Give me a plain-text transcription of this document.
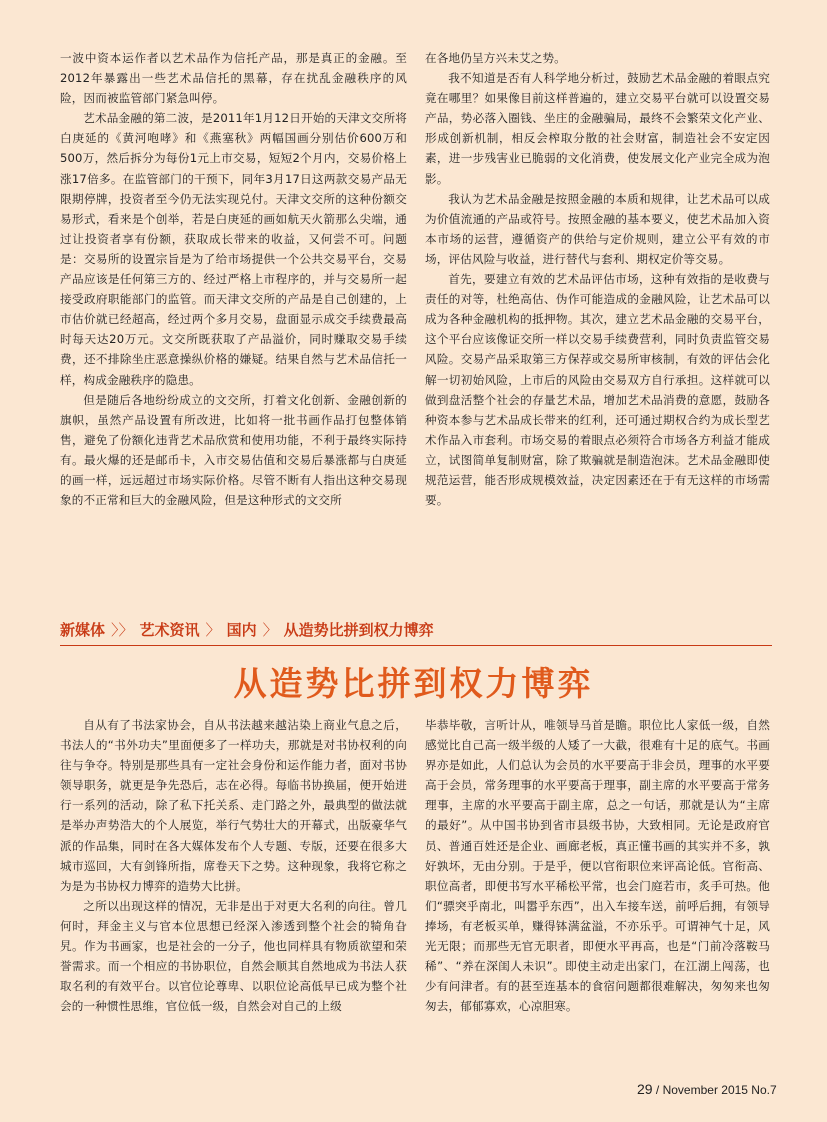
一波中资本运作者以艺术品作为信托产品，那是真正的金融。至2012年暴露出一些艺术品信托的黑幕，存在扰乱金融秩序的风险，因而被监管部门紧急叫停。

艺术品金融的第二波，是2011年1月12日开始的天津文交所将白庚延的《黄河咆哮》和《燕塞秋》两幅国画分别估价600万和500万，然后拆分为每份1元上市交易，短短2个月内，交易价格上涨17倍多。在监管部门的干预下，同年3月17日这两款交易产品无限期停牌，投资者至今仍无法实现兑付。天津文交所的这种份额交易形式，看来是个创举，若是白庚延的画如航天火箭那么尖端，通过让投资者享有份额，获取成长带来的收益，又何尝不可。问题是：交易所的设置宗旨是为了给市场提供一个公共交易平台，交易产品应该是任何第三方的、经过严格上市程序的，并与交易所一起接受政府职能部门的监管。而天津文交所的产品是自己创建的，上市估价就已经超高，经过两个多月交易，盘面显示成交手续费最高时每天达20万元。文交所既获取了产品溢价，同时赚取交易手续费，还不排除坐庄恶意操纵价格的嫌疑。结果自然与艺术品信托一样，构成金融秩序的隐患。

但是随后各地纷纷成立的文交所，打着文化创新、金融创新的旗帜，虽然产品设置有所改进，比如将一批书画作品打包整体销售，避免了份额化违背艺术品欣赏和使用功能，不利于最终实际持有。最火爆的还是邮币卡，入市交易估值和交易后暴涨都与白庚延的画一样，远远超过市场实际价格。尽管不断有人指出这种交易现象的不正常和巨大的金融风险，但是这种形式的文交所

在各地仍呈方兴未艾之势。

我不知道是否有人科学地分析过，鼓励艺术品金融的着眼点究竟在哪里？如果像目前这样普遍的，建立交易平台就可以设置交易产品，势必落入圈钱、坐庄的金融骗局，最终不会繁荣文化产业、形成创新机制，相反会榨取分散的社会财富，制造社会不安定因素，进一步残害业已脆弱的文化消费，使发展文化产业完全成为泡影。

我认为艺术品金融是按照金融的本质和规律，让艺术品可以成为价值流通的产品或符号。按照金融的基本要义，使艺术品加入资本市场的运营，遵循资产的供给与定价规则，建立公平有效的市场，评估风险与收益，进行替代与套利、期权定价等交易。

首先，要建立有效的艺术品评估市场，这种有效指的是收费与责任的对等，杜绝高估、伪作可能造成的金融风险，让艺术品可以成为各种金融机构的抵押物。其次，建立艺术品金融的交易平台，这个平台应该像证交所一样以交易手续费营利，同时负责监管交易风险。交易产品采取第三方保荐或交易所审核制，有效的评估会化解一切初始风险，上市后的风险由交易双方自行承担。这样就可以做到盘活整个社会的存量艺术品，增加艺术品消费的意愿，鼓励各种资本参与艺术品成长带来的红利，还可通过期权合约为成长型艺术作品入市套利。市场交易的着眼点必须符合市场各方利益才能成立，试图简单复制财富，除了欺骗就是制造泡沫。艺术品金融即使规范运营，能否形成规模效益，决定因素还在于有无这样的市场需要。

新媒体 〉〉 艺术资讯 〉 国内 〉 从造势比拼到权力博弈
从造势比拼到权力博弈

自从有了书法家协会，自从书法越来越沾染上商业气息之后，书法人的“书外功夫”里面便多了一样功夫，那就是对书协权利的向往与争夺。特别是那些具有一定社会身份和运作能力者，面对书协领导职务，就更是争先恐后，志在必得。每临书协换届，便开始进行一系列的活动，除了私下托关系、走门路之外，最典型的做法就是举办声势浩大的个人展览，举行气势壮大的开幕式，出版豪华气派的作品集，同时在各大媒体发布个人专题、专版，还要在很多大城市巡回，大有剑锋所指，席卷天下之势。这种现象，我将它称之为是为书协权力博弈的造势大比拼。

之所以出现这样的情况，无非是出于对更大名利的向往。曾几何时，拜金主义与官本位思想已经深入渗透到整个社会的犄角旮旯。作为书画家，也是社会的一分子，他也同样具有物质欲望和荣誉需求。而一个相应的书协职位，自然会顺其自然地成为书法人获取名利的有效平台。以官位论尊卑、以职位论高低早已成为整个社会的一种惯性思维，官位低一级，自然会对自己的上级

毕恭毕敬，言听计从，唯领导马首是瞻。职位比人家低一级，自然感觉比自己高一级半级的人矮了一大截，很难有十足的底气。书画界亦是如此，人们总认为会员的水平要高于非会员，理事的水平要高于会员，常务理事的水平要高于理事，副主席的水平要高于常务理事，主席的水平要高于副主席，总之一句话，那就是认为“主席的最好”。从中国书协到省市县级书协，大致相同。无论是政府官员、普通百姓还是企业、画廊老板，真正懂书画的其实并不多，孰好孰坏，无由分别。于是乎，便以官衔职位来评高论低。官衔高、职位高者，即便书写水平稀松平常，也会门庭若市，炙手可热。他们“骠突乎南北，叫嚣乎东西”，出入车接车送，前呼后拥，有领导捧场，有老板买单，赚得钵满盆溢，不亦乐乎。可谓神气十足，风光无限；而那些无官无职者，即便水平再高，也是“门前冷落鞍马稀”、“养在深闺人未识”。即使主动走出家门，在江湖上闯荡，也少有问津者。有的甚至连基本的食宿问题都很难解决，匆匆来也匆匆去，郁郁寡欢，心凉胆寒。

29 / November 2015 No.7
